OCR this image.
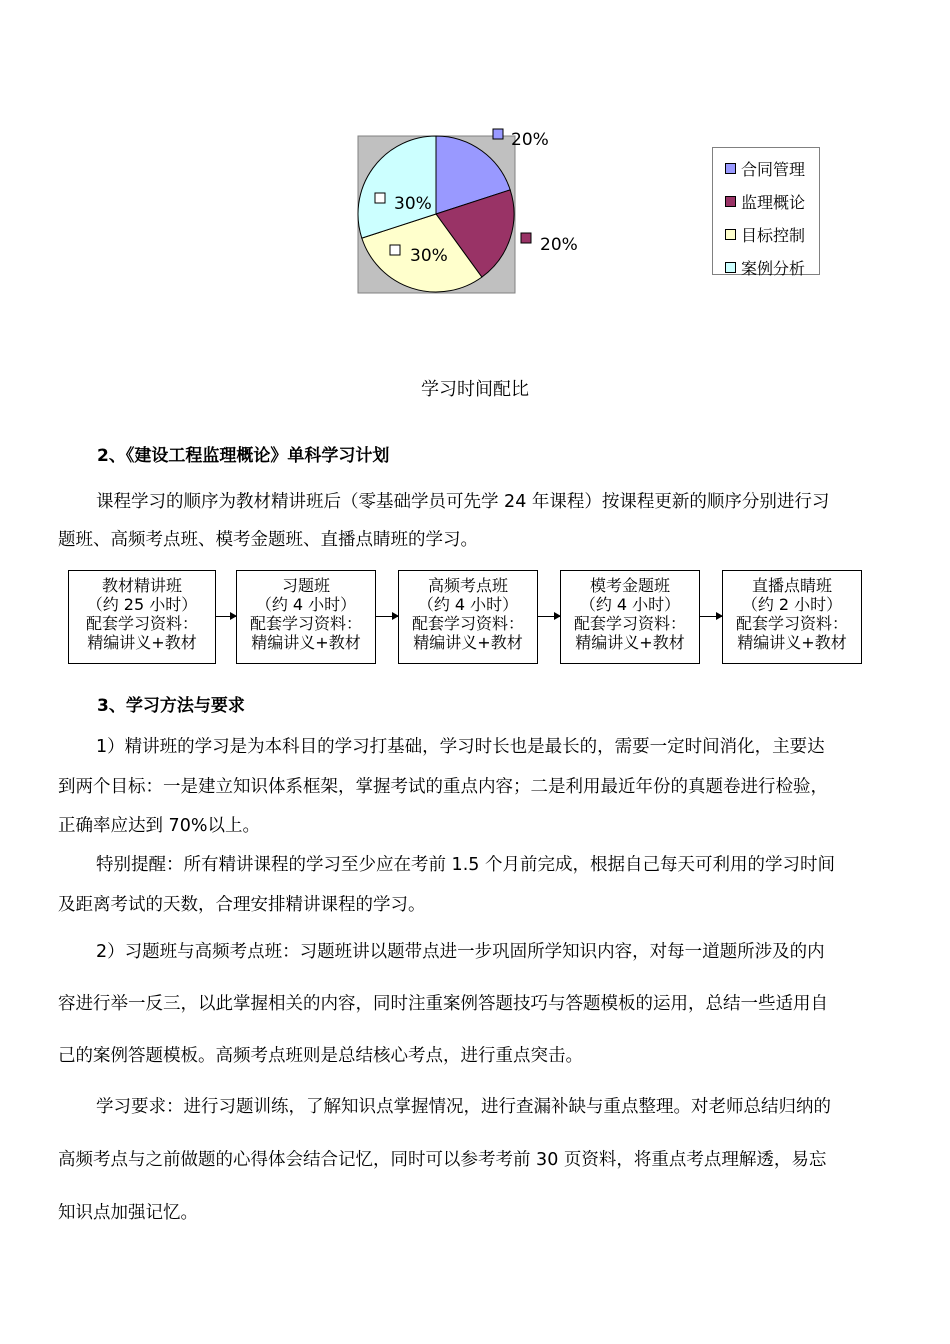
20%
20%
30%
30%
合同管理
监理概论
目标控制
案例分析
学习时间配比
2、《建设工程监理概论》单科学习计划
课程学习的顺序为教材精讲班后（零基础学员可先学 24 年课程）按课程更新的顺序分别进行习
题班、高频考点班、模考金题班、直播点睛班的学习。
教材精讲班
（约 25 小时）
配套学习资料：
精编讲义+教材
习题班
（约 4 小时）
配套学习资料：
精编讲义+教材
高频考点班
（约 4 小时）
配套学习资料：
精编讲义+教材
模考金题班
（约 4 小时）
配套学习资料：
精编讲义+教材
直播点睛班
（约 2 小时）
配套学习资料：
精编讲义+教材
3、学习方法与要求
1）精讲班的学习是为本科目的学习打基础，学习时长也是最长的，需要一定时间消化，主要达
到两个目标：一是建立知识体系框架，掌握考试的重点内容；二是利用最近年份的真题卷进行检验，
正确率应达到 70%以上。
特别提醒：所有精讲课程的学习至少应在考前 1.5 个月前完成，根据自己每天可利用的学习时间
及距离考试的天数，合理安排精讲课程的学习。
2）习题班与高频考点班：习题班讲以题带点进一步巩固所学知识内容，对每一道题所涉及的内
容进行举一反三，以此掌握相关的内容，同时注重案例答题技巧与答题模板的运用，总结一些适用自
己的案例答题模板。高频考点班则是总结核心考点，进行重点突击。
学习要求：进行习题训练，了解知识点掌握情况，进行查漏补缺与重点整理。对老师总结归纳的
高频考点与之前做题的心得体会结合记忆，同时可以参考考前 30 页资料，将重点考点理解透，易忘
知识点加强记忆。
